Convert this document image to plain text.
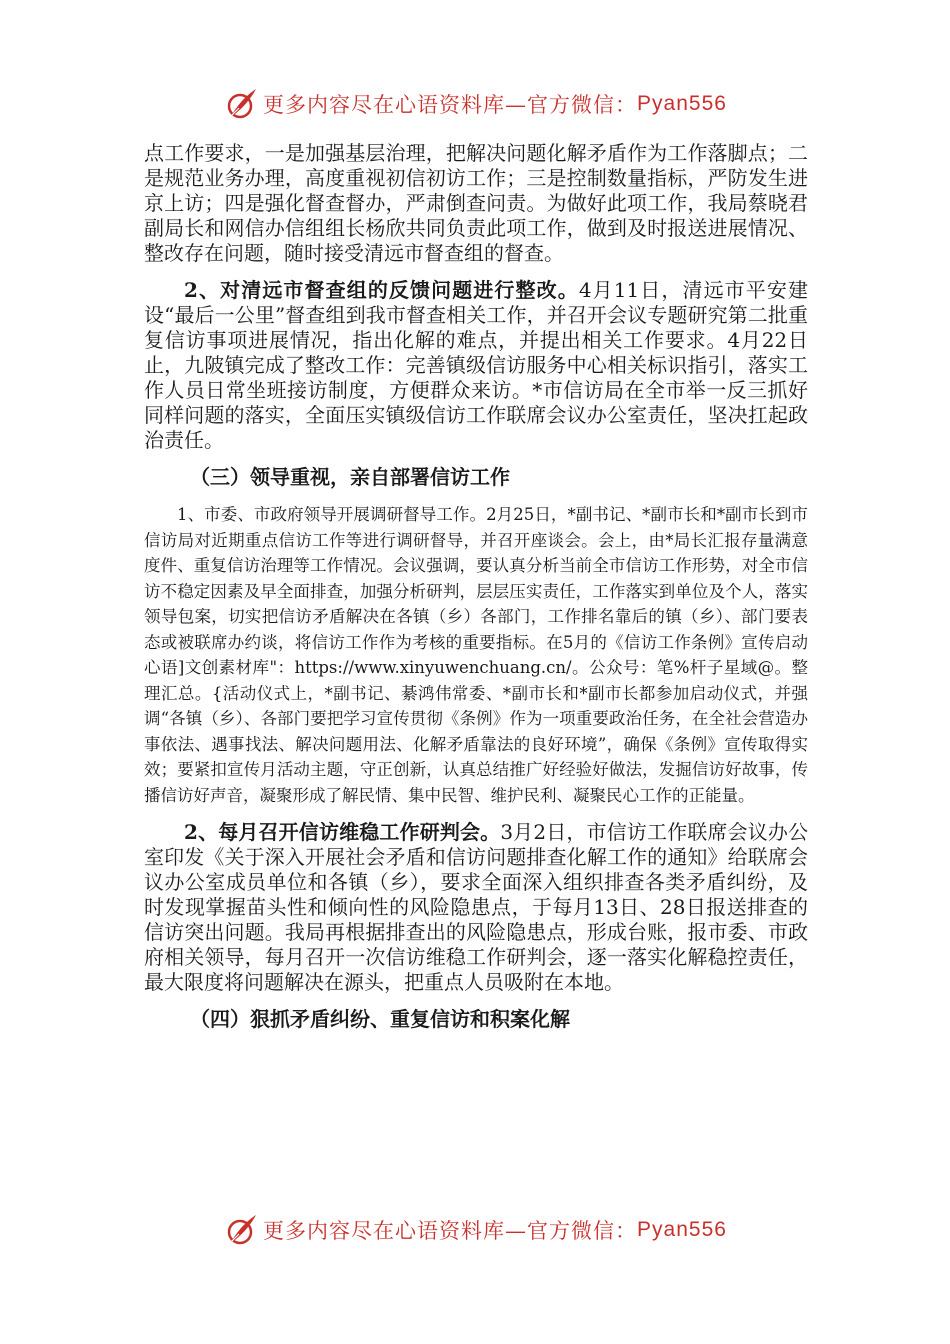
更多内容尽在心语资料库—官方微信： Pyan556

点工作要求，一是加强基层治理，把解决问题化解矛盾作为工作落脚点；二是规范业务办理，高度重视初信初访工作；三是控制数量指标，严防发生进京上访；四是强化督查督办，严肃倒查问责。为做好此项工作，我局蔡晓君副局长和网信办信组组长杨欣共同负责此项工作，做到及时报送进展情况、整改存在问题，随时接受清远市督查组的督查。

2、对清远市督查组的反馈问题进行整改。4月11日，清远市平安建设“最后一公里”督查组到我市督查相关工作，并召开会议专题研究第二批重复信访事项进展情况，指出化解的难点，并提出相关工作要求。4月22日止，九陂镇完成了整改工作：完善镇级信访服务中心相关标识指引，落实工作人员日常坐班接访制度，方便群众来访。*市信访局在全市举一反三抓好同样问题的落实，全面压实镇级信访工作联席会议办公室责任，坚决扛起政治责任。

（三）领导重视，亲自部署信访工作

1、市委、市政府领导开展调研督导工作。2月25日，*副书记、*副市长和*副市长到市信访局对近期重点信访工作等进行调研督导，并召开座谈会。会上，由*局长汇报存量满意度件、重复信访治理等工作情况。会议强调，要认真分析当前全市信访工作形势，对全市信访不稳定因素及早全面排查，加强分析研判，层层压实责任，工作落实到单位及个人，落实领导包案，切实把信访矛盾解决在各镇（乡）各部门，工作排名靠后的镇（乡）、部门要表态或被联席办约谈，将信访工作作为考核的重要指标。在5月的《信访工作条例》宣传启动心语]文创素材库"：https://www.xinyuwenchuang.cn/。公众号：笔%杆子星域@。整理汇总。{活动仪式上，*副书记、綦鸿伟常委、*副市长和*副市长都参加启动仪式，并强调“各镇（乡）、各部门要把学习宣传贯彻《条例》作为一项重要政治任务，在全社会营造办事依法、遇事找法、解决问题用法、化解矛盾靠法的良好环境”，确保《条例》宣传取得实效；要紧扣宣传月活动主题，守正创新，认真总结推广好经验好做法，发掘信访好故事，传播信访好声音，凝聚形成了解民情、集中民智、维护民利、凝聚民心工作的正能量。

2、每月召开信访维稳工作研判会。3月2日，市信访工作联席会议办公室印发《关于深入开展社会矛盾和信访问题排查化解工作的通知》给联席会议办公室成员单位和各镇（乡），要求全面深入组织排查各类矛盾纠纷，及时发现掌握苗头性和倾向性的风险隐患点，于每月13日、28日报送排查的信访突出问题。我局再根据排查出的风险隐患点，形成台账，报市委、市政府相关领导，每月召开一次信访维稳工作研判会，逐一落实化解稳控责任，最大限度将问题解决在源头，把重点人员吸附在本地。

（四）狠抓矛盾纠纷、重复信访和积案化解

更多内容尽在心语资料库—官方微信： Pyan556
